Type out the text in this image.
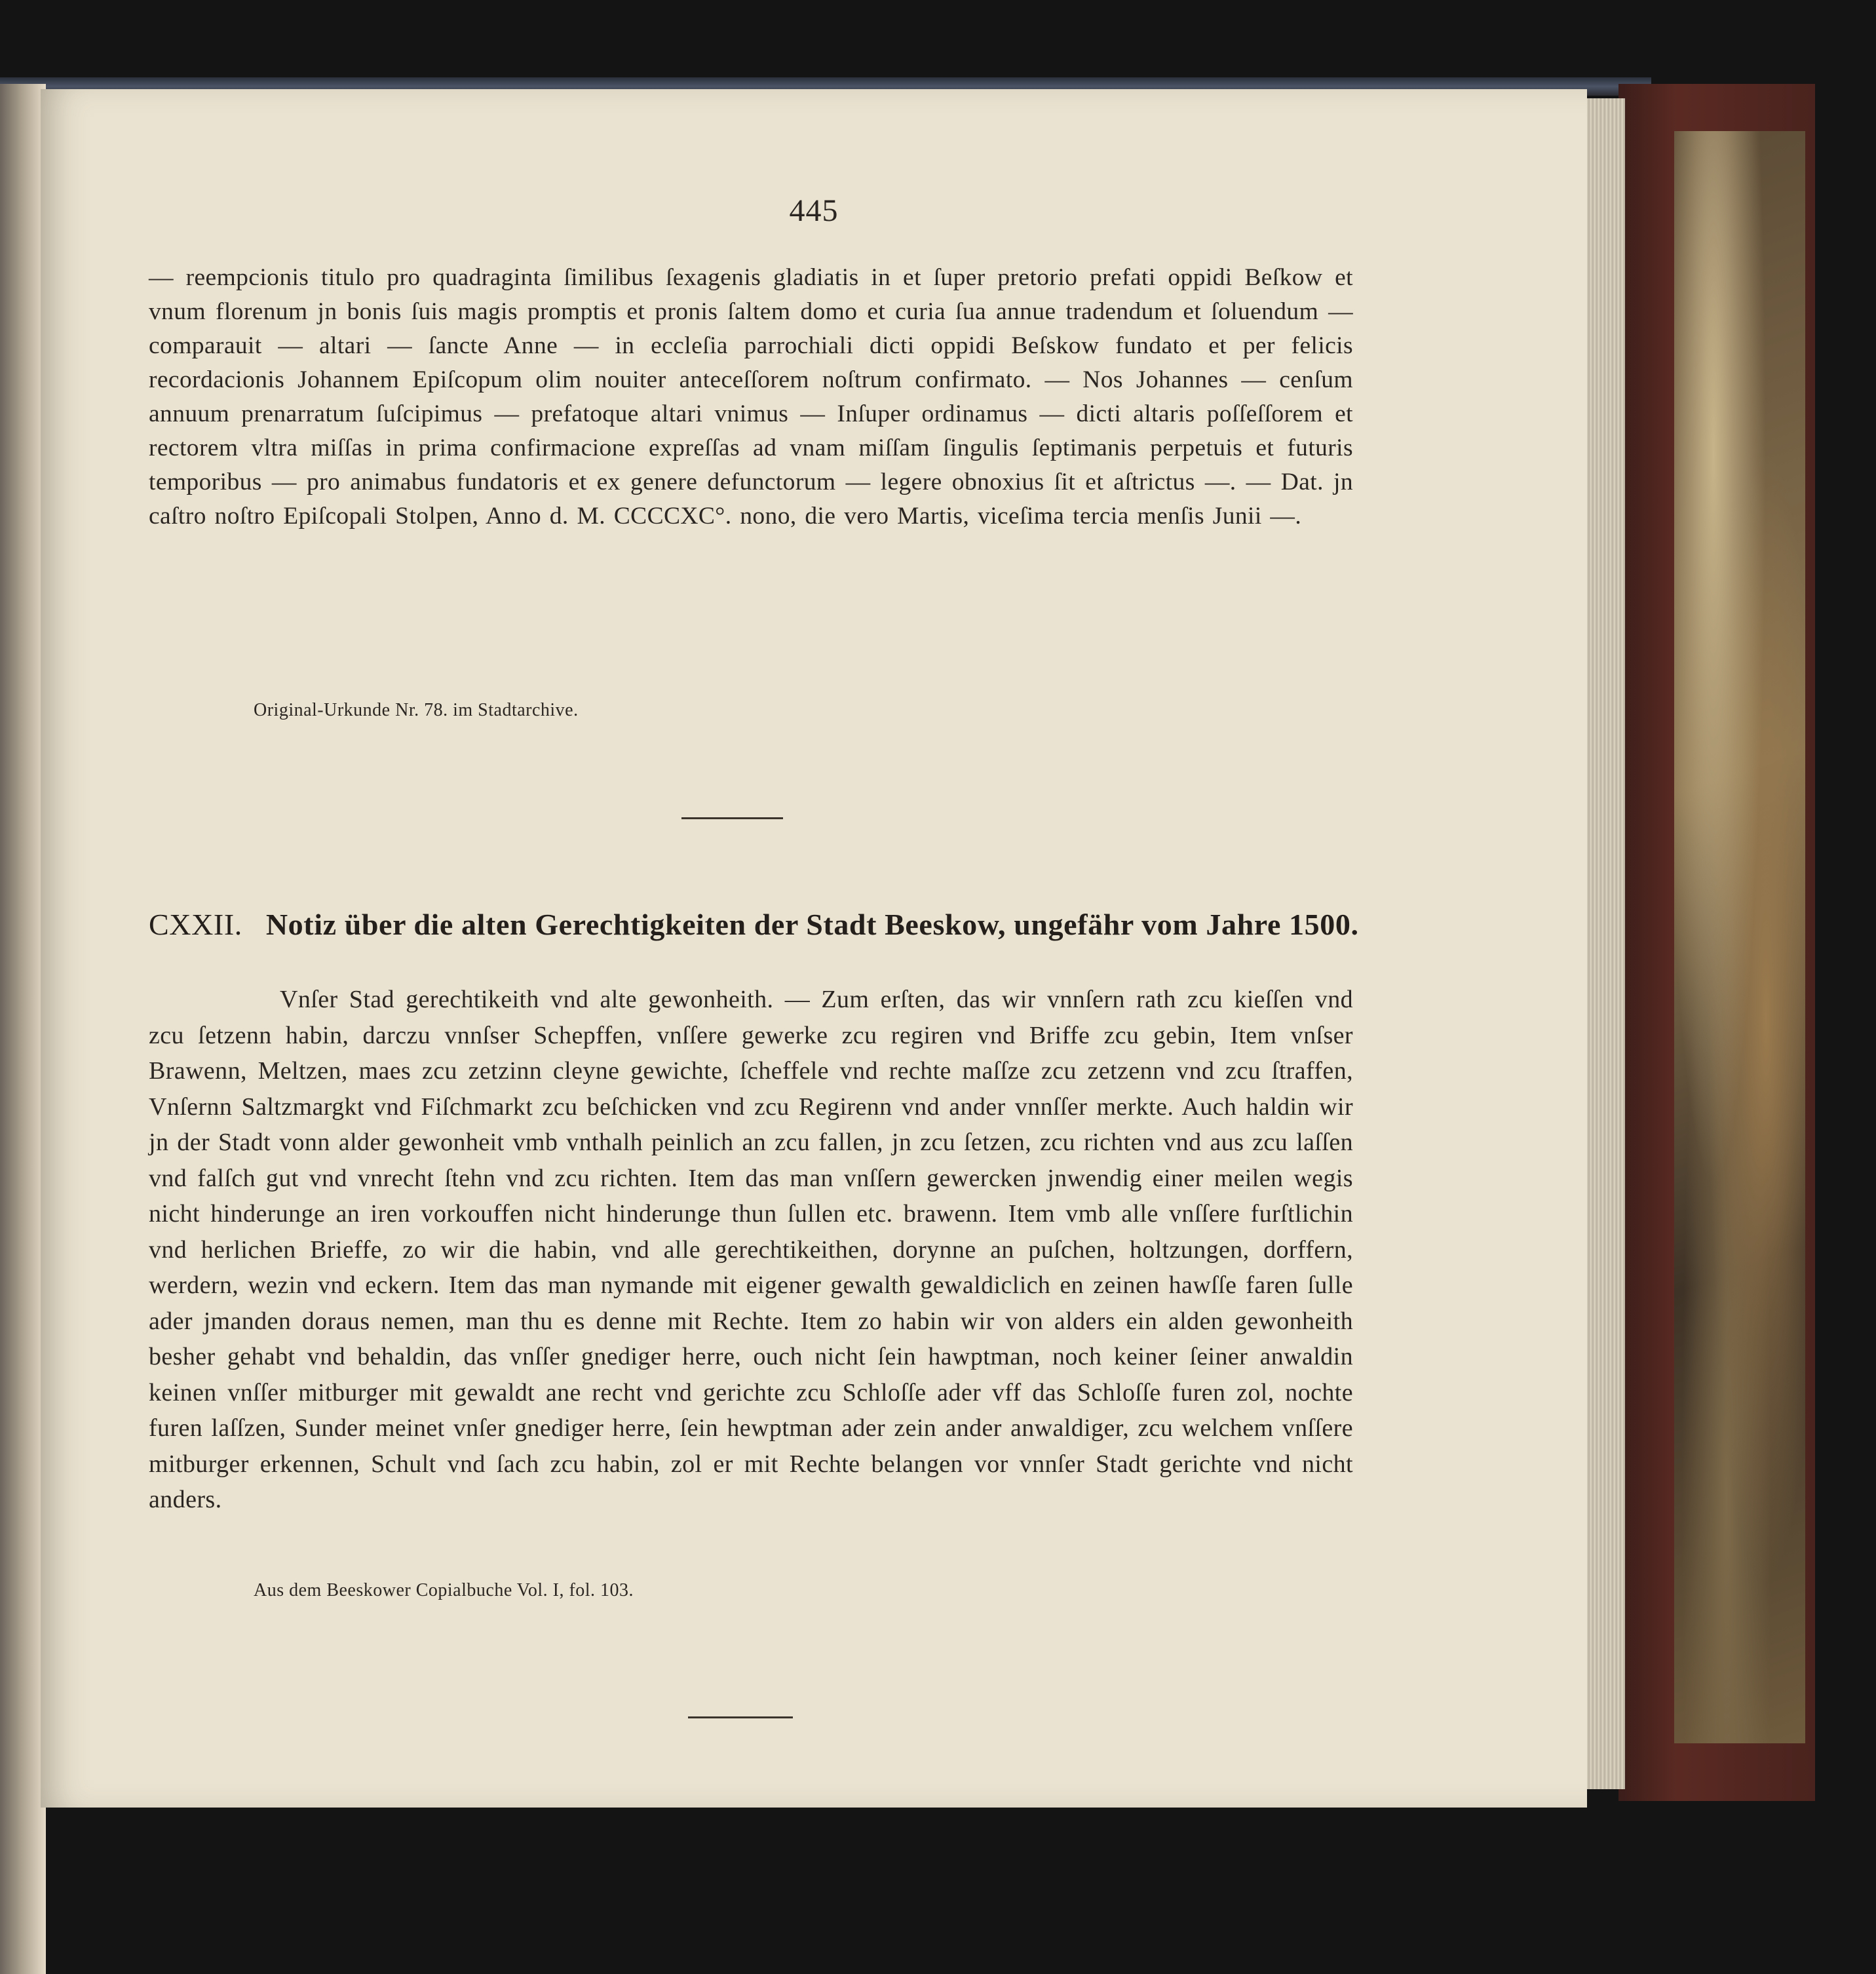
445
— reempcionis titulo pro quadraginta ſimilibus ſexagenis gladiatis in et ſuper pretorio prefati oppidi Beſkow et vnum florenum jn bonis ſuis magis promptis et pronis ſaltem domo et curia ſua annue tradendum et ſoluendum — comparauit — altari — ſancte Anne — in eccleſia parrochiali dicti oppidi Beſskow fundato et per felicis recordacionis Johannem Epiſcopum olim nouiter anteceſſorem noſtrum confirmato. — Nos Johannes — cenſum annuum prenarratum ſuſcipimus — prefatoque altari vnimus — Inſuper ordinamus — dicti altaris poſſeſſorem et rectorem vltra miſſas in prima confirmacione expreſſas ad vnam miſſam ſingulis ſeptimanis perpetuis et futuris temporibus — pro animabus fundatoris et ex genere defunctorum — legere obnoxius ſit et aſtrictus —. — Dat. jn caſtro noſtro Epiſcopali Stolpen, Anno d. M. CCCCXC°. nono, die vero Martis, viceſima tercia menſis Junii —.
Original-Urkunde Nr. 78. im Stadtarchive.
CXXII. Notiz über die alten Gerechtigkeiten der Stadt Beeskow, ungefähr vom Jahre 1500.
Vnſer Stad gerechtikeith vnd alte gewonheith. — Zum erſten, das wir vnnſern rath zcu kieſſen vnd zcu ſetzenn habin, darczu vnnſser Schepffen, vnſſere gewerke zcu regiren vnd Briffe zcu gebin, Item vnſser Brawenn, Meltzen, maes zcu zetzinn cleyne gewichte, ſcheffele vnd rechte maſſze zcu zetzenn vnd zcu ſtraffen, Vnſernn Saltzmargkt vnd Fiſchmarkt zcu beſchicken vnd zcu Regirenn vnd ander vnnſſer merkte. Auch haldin wir jn der Stadt vonn alder gewonheit vmb vnthalh peinlich an zcu fallen, jn zcu ſetzen, zcu richten vnd aus zcu laſſen vnd falſch gut vnd vnrecht ſtehn vnd zcu richten. Item das man vnſſern gewercken jnwendig einer meilen wegis nicht hinderunge an iren vorkouffen nicht hinderunge thun ſullen etc. brawenn. Item vmb alle vnſſere furſtlichin vnd herlichen Brieffe, zo wir die habin, vnd alle gerechtikeithen, dorynne an puſchen, holtzungen, dorffern, werdern, wezin vnd eckern. Item das man nymande mit eigener gewalth gewaldiclich en zeinen hawſſe faren ſulle ader jmanden doraus nemen, man thu es denne mit Rechte. Item zo habin wir von alders ein alden gewonheith besher gehabt vnd behaldin, das vnſſer gnediger herre, ouch nicht ſein hawptman, noch keiner ſeiner anwaldin keinen vnſſer mitburger mit gewaldt ane recht vnd gerichte zcu Schloſſe ader vff das Schloſſe furen zol, nochte furen laſſzen, Sunder meinet vnſer gnediger herre, ſein hewptman ader zein ander anwaldiger, zcu welchem vnſſere mitburger erkennen, Schult vnd ſach zcu habin, zol er mit Rechte belangen vor vnnſer Stadt gerichte vnd nicht anders.
Aus dem Beeskower Copialbuche Vol. I, fol. 103.
